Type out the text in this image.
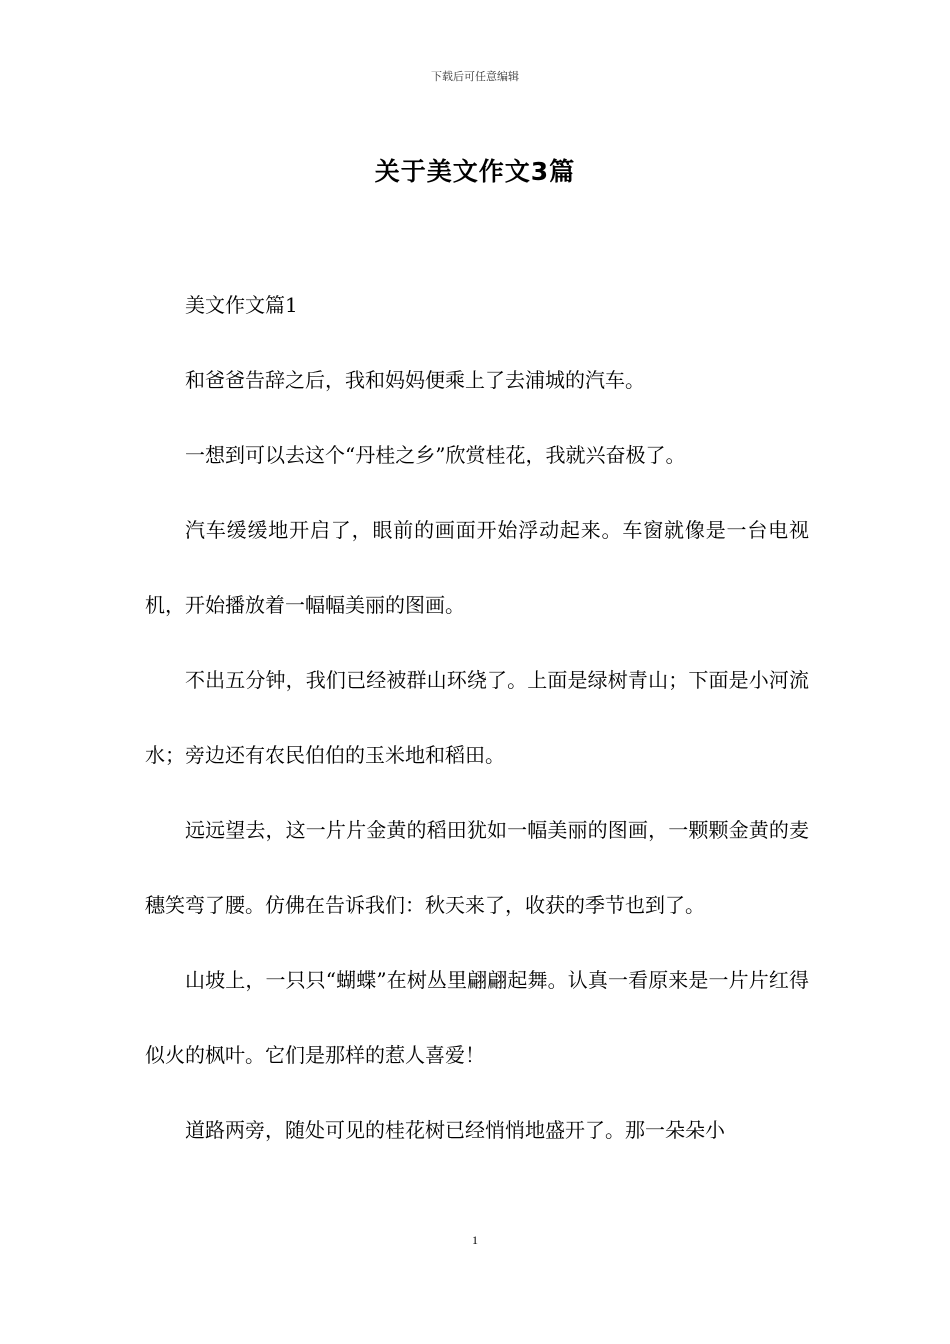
下载后可任意编辑
关于美文作文3篇

美文作文篇1

和爸爸告辞之后，我和妈妈便乘上了去浦城的汽车。

一想到可以去这个“丹桂之乡”欣赏桂花，我就兴奋极了。

汽车缓缓地开启了，眼前的画面开始浮动起来。车窗就像是一台电视机，开始播放着一幅幅美丽的图画。

不出五分钟，我们已经被群山环绕了。上面是绿树青山；下面是小河流水；旁边还有农民伯伯的玉米地和稻田。

远远望去，这一片片金黄的稻田犹如一幅美丽的图画，一颗颗金黄的麦穗笑弯了腰。仿佛在告诉我们：秋天来了，收获的季节也到了。

山坡上，一只只“蝴蝶”在树丛里翩翩起舞。认真一看原来是一片片红得似火的枫叶。它们是那样的惹人喜爱！

道路两旁，随处可见的桂花树已经悄悄地盛开了。那一朵朵小

1
